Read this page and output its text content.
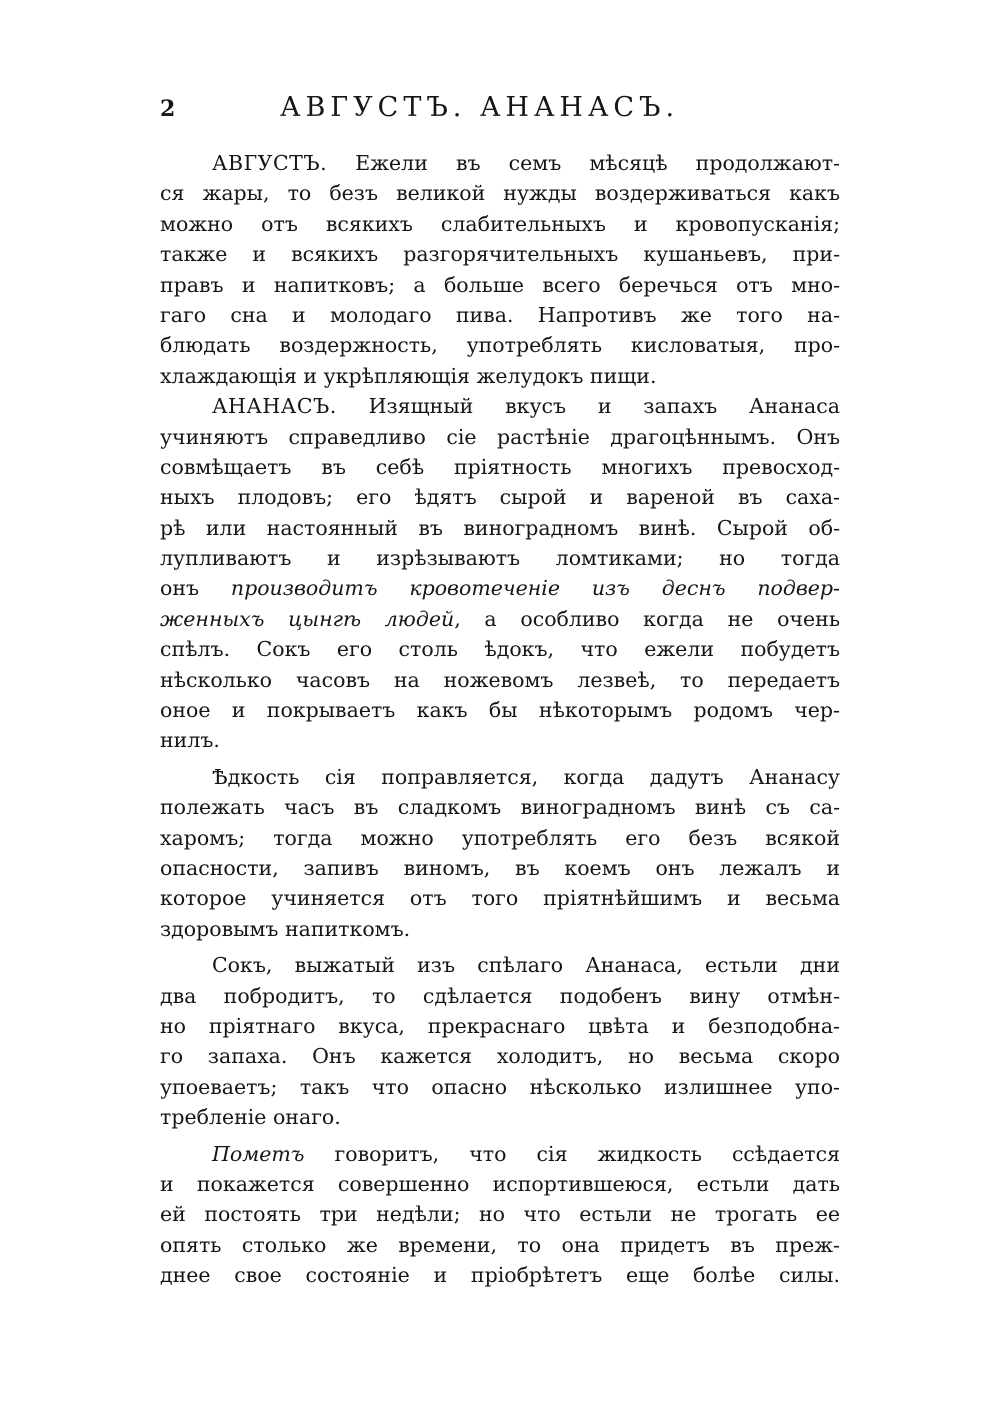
2	АВГУСТЪ. АНАНАСЪ.
АВГУСТЪ. Ежели въ семъ мѣсяцѣ продолжают-
ся жары, то безъ великой нужды воздерживаться какъ
можно отъ всякихъ слабительныхъ и кровопусканія;
также и всякихъ разгорячительныхъ кушаньевъ, при-
правъ и напитковъ; а больше всего беречься отъ мно-
гаго сна и молодаго пива. Напротивъ же того на-
блюдать воздержность, употреблять кисловатыя, про-
хлаждающія и укрѣпляющія желудокъ пищи.
АНАНАСЪ. Изящный вкусъ и запахъ Ананаса
учиняютъ справедливо сіе растѣніе драгоцѣннымъ. Онъ
совмѣщаетъ въ себѣ пріятность многихъ превосход-
ныхъ плодовъ; его ѣдятъ сырой и вареной въ саха-
рѣ или настоянный въ виноградномъ винѣ. Сырой об-
лупливаютъ и изрѣзываютъ ломтиками; но тогда
онъ производитъ кровотеченіе изъ деснъ подвер-
женныхъ цынгѣ людей, а особливо когда не очень
спѣлъ. Сокъ его столь ѣдокъ, что ежели побудетъ
нѣсколько часовъ на ножевомъ лезвеѣ, то передаетъ
оное и покрываетъ какъ бы нѣкоторымъ родомъ чер-
нилъ.
Ѣдкость сія поправляется, когда дадутъ Ананасу
полежать часъ въ сладкомъ виноградномъ винѣ съ са-
харомъ; тогда можно употреблять его безъ всякой
опасности, запивъ виномъ, въ коемъ онъ лежалъ и
которое учиняется отъ того пріятнѣйшимъ и весьма
здоровымъ напиткомъ.
Сокъ, выжатый изъ спѣлаго Ананаса, естьли дни
два побродитъ, то сдѣлается подобенъ вину отмѣн-
но пріятнаго вкуса, прекраснаго цвѣта и безподобна-
го запаха. Онъ кажется холодитъ, но весьма скоро
упоеваетъ; такъ что опасно нѣсколько излишнее упо-
требленіе онаго.
Пометъ говоритъ, что сія жидкость ссѣдается
и покажется совершенно испортившеюся, естьли дать
ей постоять три недѣли; но что естьли не трогать ее
опять столько же времени, то она придетъ въ преж-
днее свое состояніе и пріобрѣтетъ еще болѣе силы.
